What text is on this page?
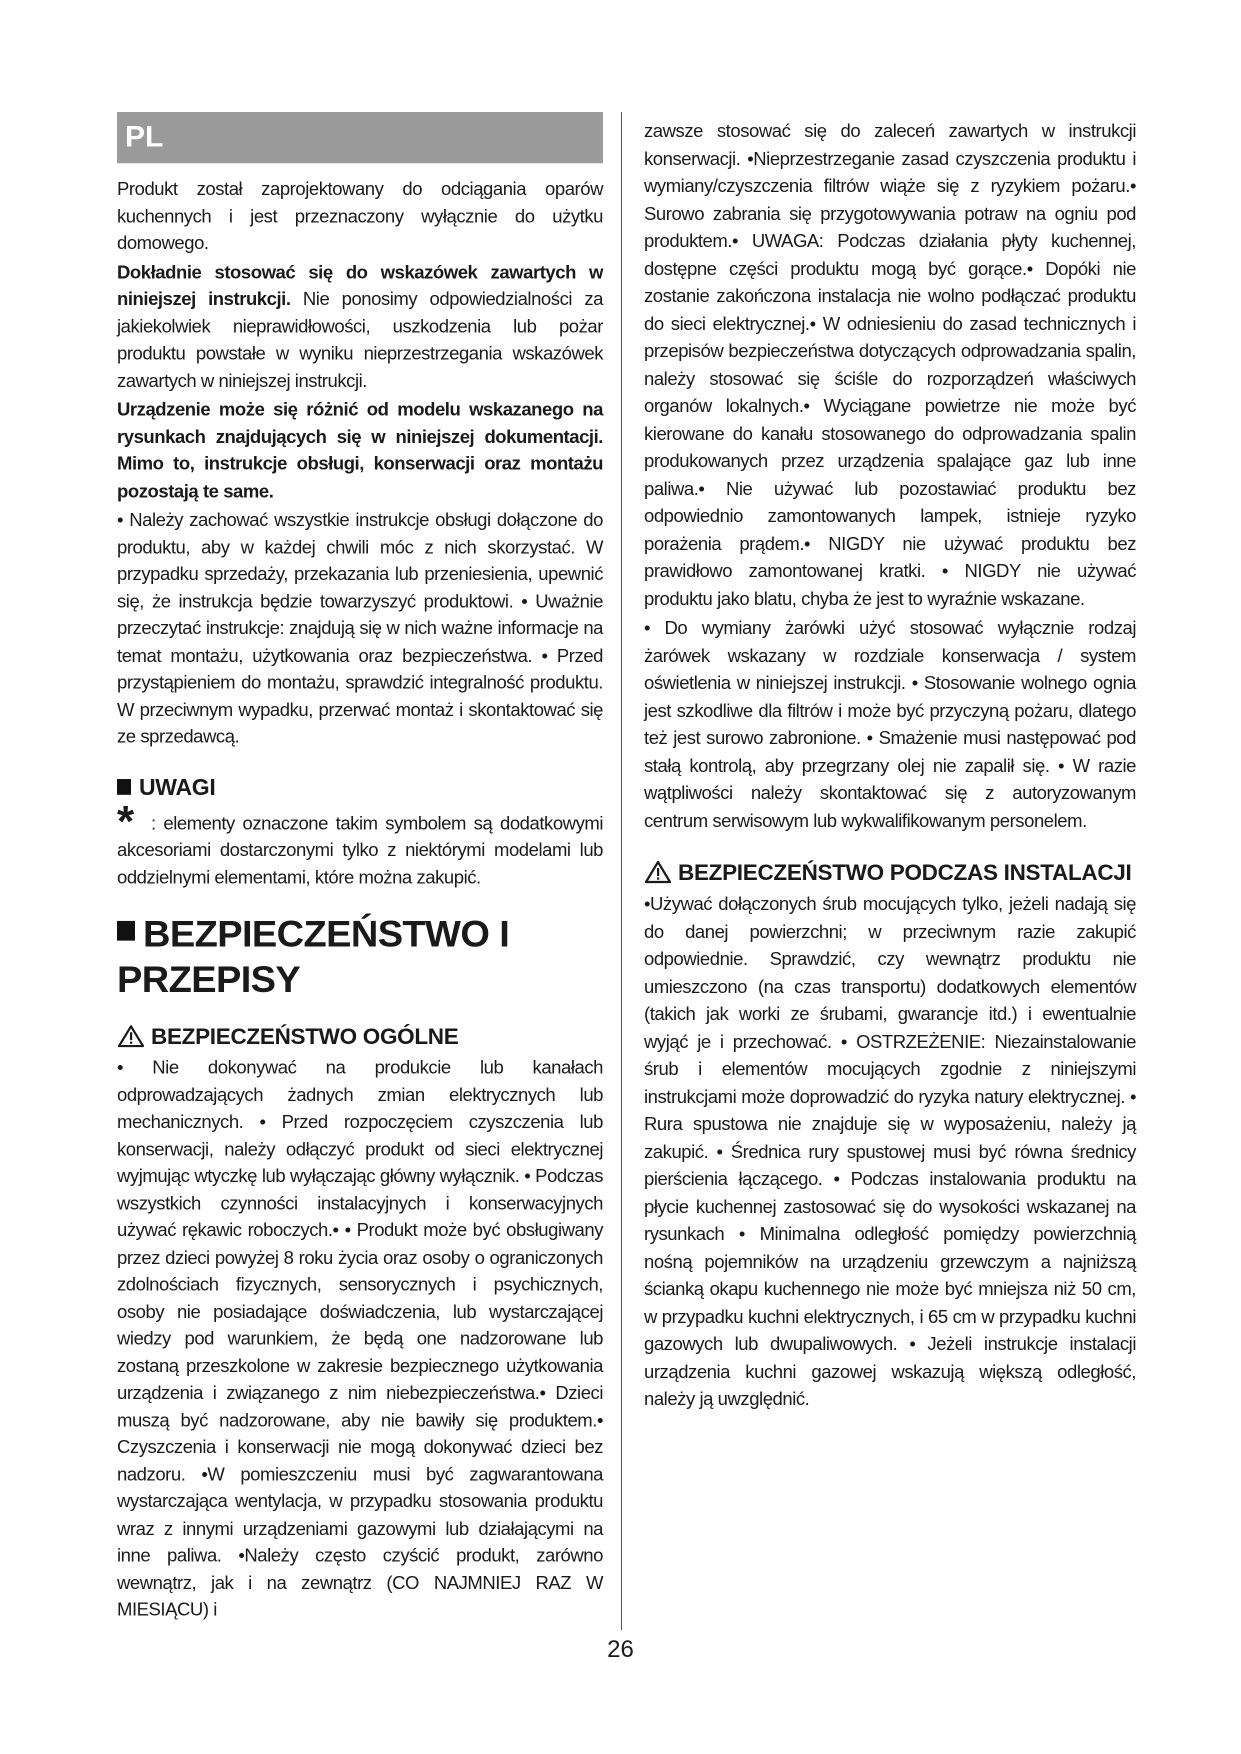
PL

Produkt został zaprojektowany do odciągania oparów kuchennych i jest przeznaczony wyłącznie do użytku domowego.

Dokładnie stosować się do wskazówek zawartych w niniejszej instrukcji. Nie ponosimy odpowiedzialności za jakiekolwiek nieprawidłowości, uszkodzenia lub pożar produktu powstałe w wyniku nieprzestrzegania wskazówek zawartych w niniejszej instrukcji.

Urządzenie może się różnić od modelu wskazanego na rysunkach znajdujących się w niniejszej dokumentacji. Mimo to, instrukcje obsługi, konserwacji oraz montażu pozostają te same.

• Należy zachować wszystkie instrukcje obsługi dołączone do produktu, aby w każdej chwili móc z nich skorzystać. W przypadku sprzedaży, przekazania lub przeniesienia, upewnić się, że instrukcja będzie towarzyszyć produktowi. • Uważnie przeczytać instrukcje: znajdują się w nich ważne informacje na temat montażu, użytkowania oraz bezpieczeństwa. • Przed przystąpieniem do montażu, sprawdzić integralność produktu. W przeciwnym wypadku, przerwać montaż i skontaktować się ze sprzedawcą.

UWAGI
* : elementy oznaczone takim symbolem są dodatkowymi akcesoriami dostarczonymi tylko z niektórymi modelami lub oddzielnymi elementami, które można zakupić.

BEZPIECZEŃSTWO I PRZEPISY
BEZPIECZEŃSTWO OGÓLNE

• Nie dokonywać na produkcie lub kanałach odprowadzających żadnych zmian elektrycznych lub mechanicznych. • Przed rozpoczęciem czyszczenia lub konserwacji, należy odłączyć produkt od sieci elektrycznej wyjmując wtyczkę lub wyłączając główny wyłącznik. • Podczas wszystkich czynności instalacyjnych i konserwacyjnych używać rękawic roboczych.• • Produkt może być obsługiwany przez dzieci powyżej 8 roku życia oraz osoby o ograniczonych zdolnościach fizycznych, sensorycznych i psychicznych, osoby nie posiadające doświadczenia, lub wystarczającej wiedzy pod warunkiem, że będą one nadzorowane lub zostaną przeszkolone w zakresie bezpiecznego użytkowania urządzenia i związanego z nim niebezpieczeństwa.• Dzieci muszą być nadzorowane, aby nie bawiły się produktem.• Czyszczenia i konserwacji nie mogą dokonywać dzieci bez nadzoru. •W pomieszczeniu musi być zagwarantowana wystarczająca wentylacja, w przypadku stosowania produktu wraz z innymi urządzeniami gazowymi lub działającymi na inne paliwa. •Należy często czyścić produkt, zarówno wewnątrz, jak i na zewnątrz (CO NAJMNIEJ RAZ W MIESIĄCU) i

zawsze stosować się do zaleceń zawartych w instrukcji konserwacji. •Nieprzestrzeganie zasad czyszczenia produktu i wymiany/czyszczenia filtrów wiąże się z ryzykiem pożaru.• Surowo zabrania się przygotowywania potraw na ogniu pod produktem.• UWAGA: Podczas działania płyty kuchennej, dostępne części produktu mogą być gorące.• Dopóki nie zostanie zakończona instalacja nie wolno podłączać produktu do sieci elektrycznej.• W odniesieniu do zasad technicznych i przepisów bezpieczeństwa dotyczących odprowadzania spalin, należy stosować się ściśle do rozporządzeń właściwych organów lokalnych.• Wyciągane powietrze nie może być kierowane do kanału stosowanego do odprowadzania spalin produkowanych przez urządzenia spalające gaz lub inne paliwa.• Nie używać lub pozostawiać produktu bez odpowiednio zamontowanych lampek, istnieje ryzyko porażenia prądem.• NIGDY nie używać produktu bez prawidłowo zamontowanej kratki. • NIGDY nie używać produktu jako blatu, chyba że jest to wyraźnie wskazane.

• Do wymiany żarówki użyć stosować wyłącznie rodzaj żarówek wskazany w rozdziale konserwacja / system oświetlenia w niniejszej instrukcji. • Stosowanie wolnego ognia jest szkodliwe dla filtrów i może być przyczyną pożaru, dlatego też jest surowo zabronione. • Smażenie musi następować pod stałą kontrolą, aby przegrzany olej nie zapalił się. • W razie wątpliwości należy skontaktować się z autoryzowanym centrum serwisowym lub wykwalifikowanym personelem.

BEZPIECZEŃSTWO PODCZAS INSTALACJI

•Używać dołączonych śrub mocujących tylko, jeżeli nadają się do danej powierzchni; w przeciwnym razie zakupić odpowiednie. Sprawdzić, czy wewnątrz produktu nie umieszczono (na czas transportu) dodatkowych elementów (takich jak worki ze śrubami, gwarancje itd.) i ewentualnie wyjąć je i przechować. • OSTRZEŻENIE: Niezainstalowanie śrub i elementów mocujących zgodnie z niniejszymi instrukcjami może doprowadzić do ryzyka natury elektrycznej. • Rura spustowa nie znajduje się w wyposażeniu, należy ją zakupić. • Średnica rury spustowej musi być równa średnicy pierścienia łączącego. • Podczas instalowania produktu na płycie kuchennej zastosować się do wysokości wskazanej na rysunkach • Minimalna odległość pomiędzy powierzchnią nośną pojemników na urządzeniu grzewczym a najniższą ścianką okapu kuchennego nie może być mniejsza niż 50 cm, w przypadku kuchni elektrycznych, i 65 cm w przypadku kuchni gazowych lub dwupaliwowych. • Jeżeli instrukcje instalacji urządzenia kuchni gazowej wskazują większą odległość, należy ją uwzględnić.

26
